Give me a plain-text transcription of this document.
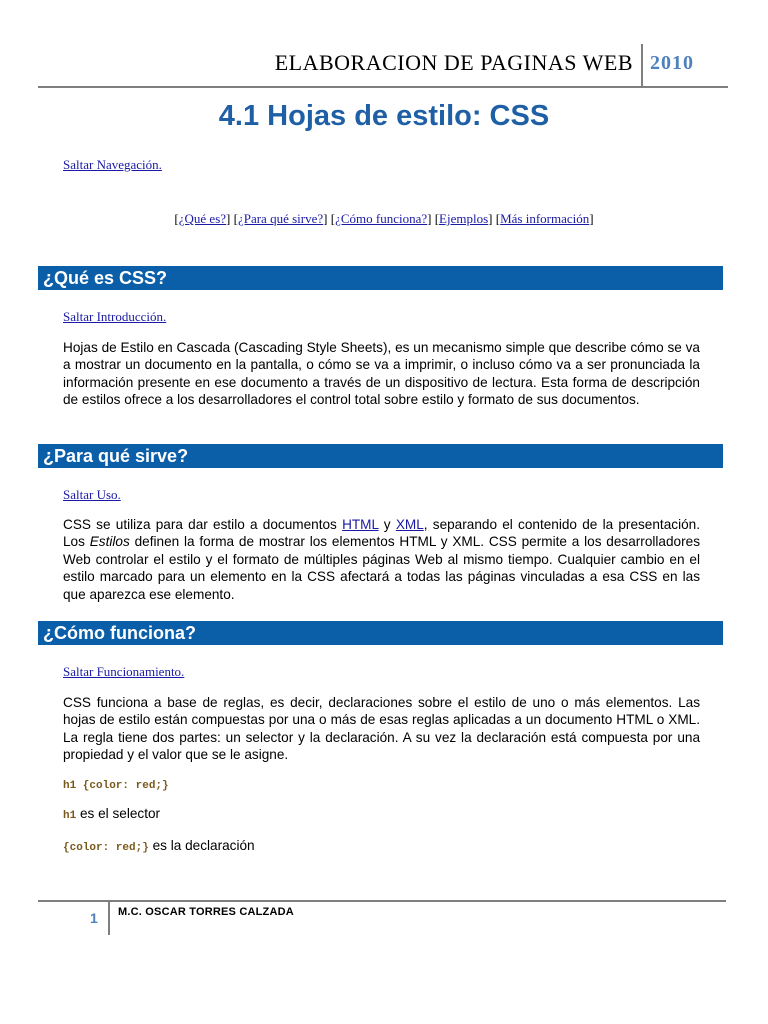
ELABORACION DE PAGINAS WEB 2010
4.1 Hojas de estilo: CSS
Saltar Navegación.
[¿Qué es?] [¿Para qué sirve?] [¿Cómo funciona?] [Ejemplos] [Más información]
¿Qué es CSS?
Saltar Introducción.

Hojas de Estilo en Cascada (Cascading Style Sheets), es un mecanismo simple que describe cómo se va a mostrar un documento en la pantalla, o cómo se va a imprimir, o incluso cómo va a ser pronunciada la información presente en ese documento a través de un dispositivo de lectura. Esta forma de descripción de estilos ofrece a los desarrolladores el control total sobre estilo y formato de sus documentos.

¿Para qué sirve?
Saltar Uso.

CSS se utiliza para dar estilo a documentos HTML y XML, separando el contenido de la presentación. Los Estilos definen la forma de mostrar los elementos HTML y XML. CSS permite a los desarrolladores Web controlar el estilo y el formato de múltiples páginas Web al mismo tiempo. Cualquier cambio en el estilo marcado para un elemento en la CSS afectará a todas las páginas vinculadas a esa CSS en las que aparezca ese elemento.

¿Cómo funciona?
Saltar Funcionamiento.

CSS funciona a base de reglas, es decir, declaraciones sobre el estilo de uno o más elementos. Las hojas de estilo están compuestas por una o más de esas reglas aplicadas a un documento HTML o XML. La regla tiene dos partes: un selector y la declaración. A su vez la declaración está compuesta por una propiedad y el valor que se le asigne.

h1 {color: red;}
h1 es el selector
{color: red;} es la declaración
1 M.C. OSCAR TORRES CALZADA
